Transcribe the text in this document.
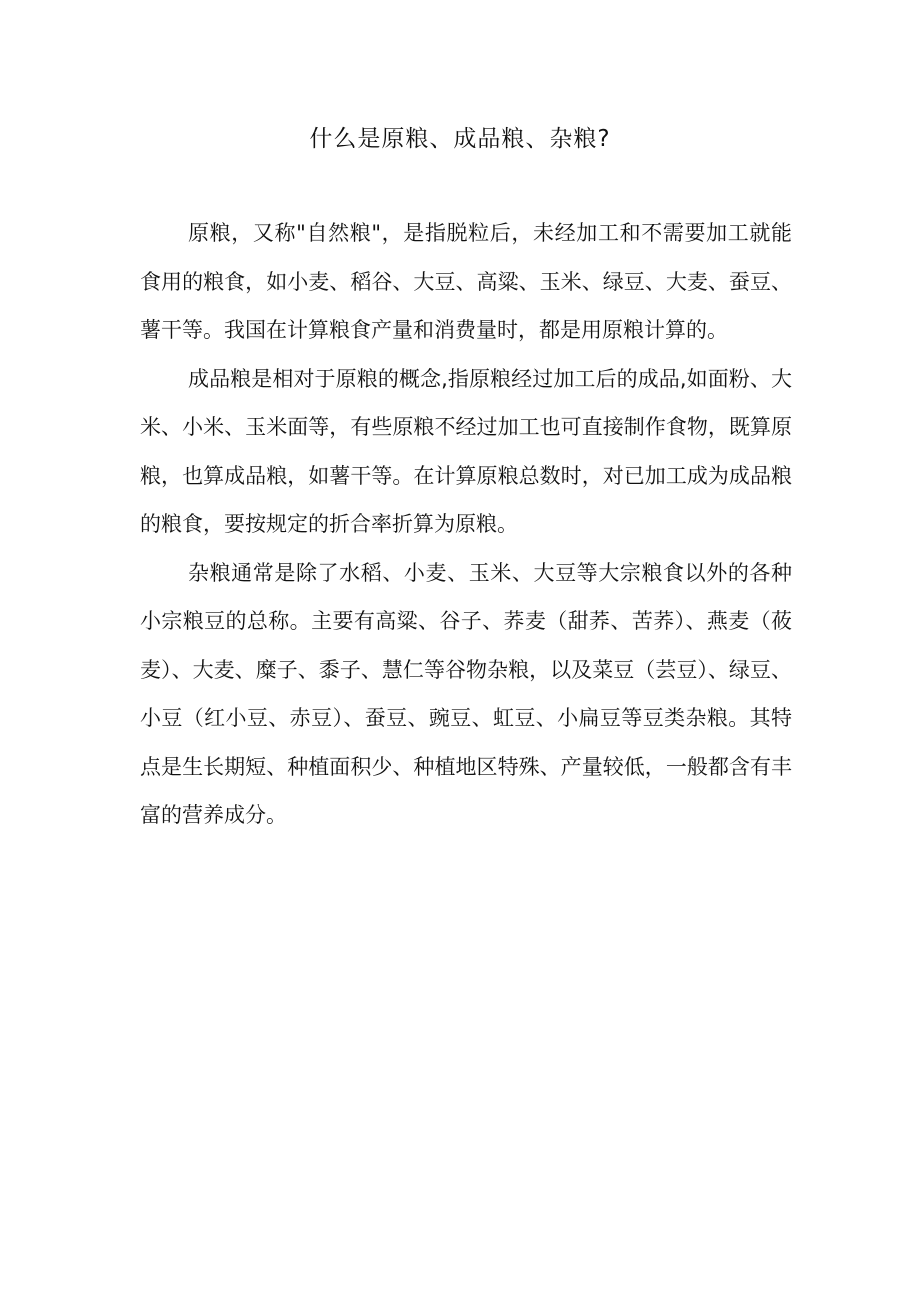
什么是原粮、成品粮、杂粮?

原粮，又称"自然粮"，是指脱粒后，未经加工和不需要加工就能食用的粮食，如小麦、稻谷、大豆、高粱、玉米、绿豆、大麦、蚕豆、薯干等。我国在计算粮食产量和消费量时，都是用原粮计算的。

成品粮是相对于原粮的概念,指原粮经过加工后的成品,如面粉、大米、小米、玉米面等，有些原粮不经过加工也可直接制作食物，既算原粮，也算成品粮，如薯干等。在计算原粮总数时，对已加工成为成品粮的粮食，要按规定的折合率折算为原粮。

杂粮通常是除了水稻、小麦、玉米、大豆等大宗粮食以外的各种小宗粮豆的总称。主要有高粱、谷子、荞麦（甜荞、苦荞）、燕麦（莜麦）、大麦、糜子、黍子、慧仁等谷物杂粮，以及菜豆（芸豆）、绿豆、小豆（红小豆、赤豆）、蚕豆、豌豆、虹豆、小扁豆等豆类杂粮。其特点是生长期短、种植面积少、种植地区特殊、产量较低，一般都含有丰富的营养成分。
